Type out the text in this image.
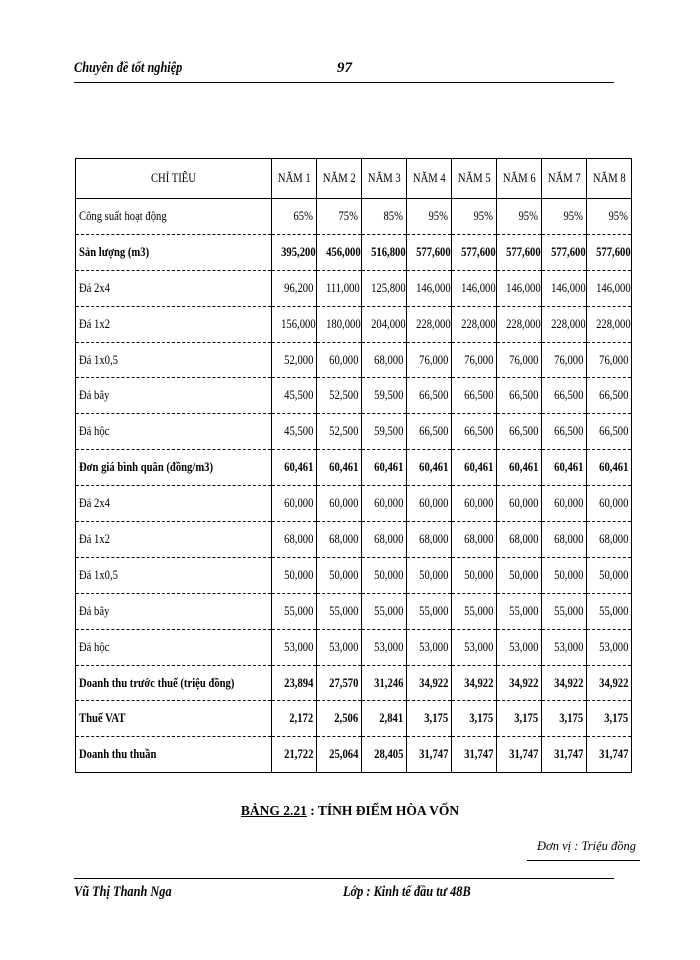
Chuyên đề tốt nghiệp	97
CHỈ TIÊU	NĂM 1	NĂM 2	NĂM 3	NĂM 4	NĂM 5	NĂM 6	NĂM 7	NĂM 8
Công suất hoạt động	65%	75%	85%	95%	95%	95%	95%	95%
Sản lượng (m3)	395,200	456,000	516,800	577,600	577,600	577,600	577,600	577,600
Đá 2x4	96,200	111,000	125,800	146,000	146,000	146,000	146,000	146,000
Đá 1x2	156,000	180,000	204,000	228,000	228,000	228,000	228,000	228,000
Đá 1x0,5	52,000	60,000	68,000	76,000	76,000	76,000	76,000	76,000
Đá bây	45,500	52,500	59,500	66,500	66,500	66,500	66,500	66,500
Đá hộc	45,500	52,500	59,500	66,500	66,500	66,500	66,500	66,500
Đơn giá bình quân (đồng/m3)	60,461	60,461	60,461	60,461	60,461	60,461	60,461	60,461
Đá 2x4	60,000	60,000	60,000	60,000	60,000	60,000	60,000	60,000
Đá 1x2	68,000	68,000	68,000	68,000	68,000	68,000	68,000	68,000
Đá 1x0,5	50,000	50,000	50,000	50,000	50,000	50,000	50,000	50,000
Đá bây	55,000	55,000	55,000	55,000	55,000	55,000	55,000	55,000
Đá hộc	53,000	53,000	53,000	53,000	53,000	53,000	53,000	53,000
Doanh thu trước thuế (triệu đồng)	23,894	27,570	31,246	34,922	34,922	34,922	34,922	34,922
Thuế VAT	2,172	2,506	2,841	3,175	3,175	3,175	3,175	3,175
Doanh thu thuần	21,722	25,064	28,405	31,747	31,747	31,747	31,747	31,747
BẢNG 2.21 : TÍNH ĐIỂM HÒA VỐN
Đơn vị : Triệu đồng
Vũ Thị Thanh Nga	Lớp : Kinh tế đầu tư 48B
